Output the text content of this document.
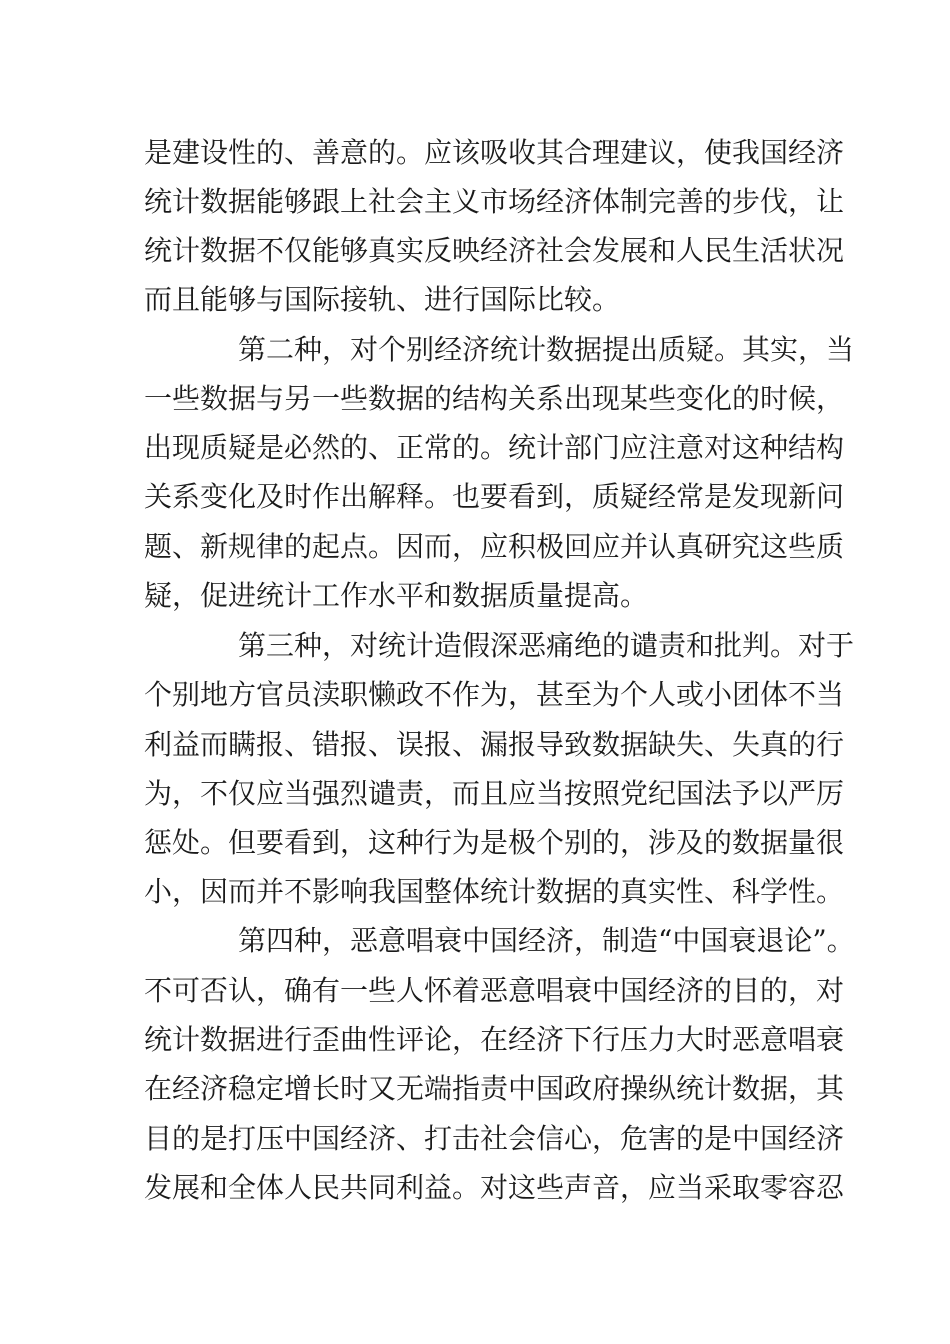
是建设性的、善意的。应该吸收其合理建议，使我国经济
统计数据能够跟上社会主义市场经济体制完善的步伐，让
统计数据不仅能够真实反映经济社会发展和人民生活状况
而且能够与国际接轨、进行国际比较。
第二种，对个别经济统计数据提出质疑。其实，当
一些数据与另一些数据的结构关系出现某些变化的时候，
出现质疑是必然的、正常的。统计部门应注意对这种结构
关系变化及时作出解释。也要看到，质疑经常是发现新问
题、新规律的起点。因而，应积极回应并认真研究这些质
疑，促进统计工作水平和数据质量提高。
第三种，对统计造假深恶痛绝的谴责和批判。对于
个别地方官员渎职懒政不作为，甚至为个人或小团体不当
利益而瞒报、错报、误报、漏报导致数据缺失、失真的行
为，不仅应当强烈谴责，而且应当按照党纪国法予以严厉
惩处。但要看到，这种行为是极个别的，涉及的数据量很
小，因而并不影响我国整体统计数据的真实性、科学性。
第四种，恶意唱衰中国经济，制造“中国衰退论”。
不可否认，确有一些人怀着恶意唱衰中国经济的目的，对
统计数据进行歪曲性评论，在经济下行压力大时恶意唱衰
在经济稳定增长时又无端指责中国政府操纵统计数据，其
目的是打压中国经济、打击社会信心，危害的是中国经济
发展和全体人民共同利益。对这些声音，应当采取零容忍
